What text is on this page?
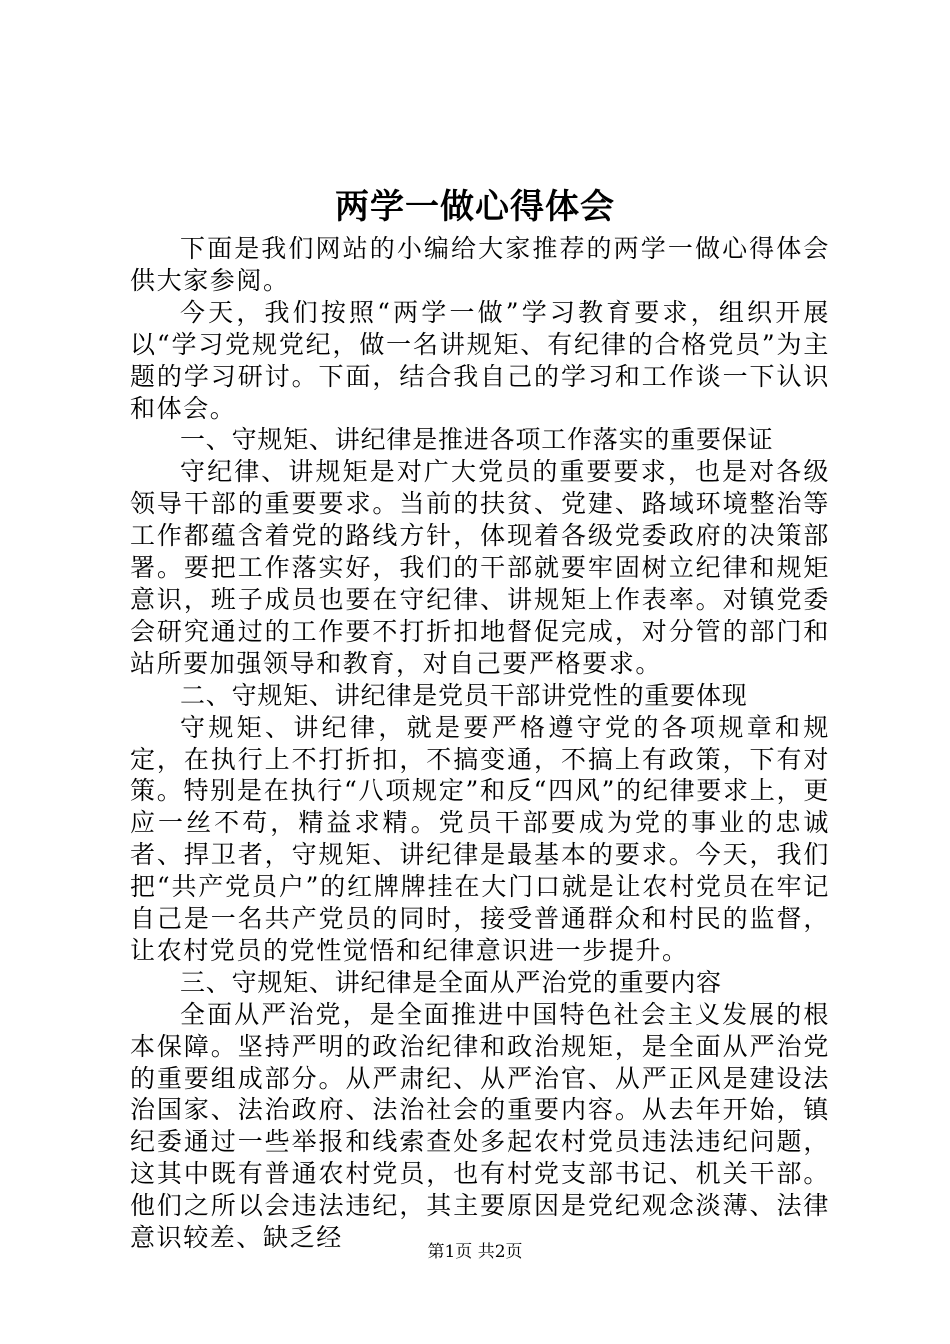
两学一做心得体会

下面是我们网站的小编给大家推荐的两学一做心得体会供大家参阅。

今天，我们按照“两学一做”学习教育要求，组织开展以“学习党规党纪，做一名讲规矩、有纪律的合格党员”为主题的学习研讨。下面，结合我自己的学习和工作谈一下认识和体会。

一、守规矩、讲纪律是推进各项工作落实的重要保证

守纪律、讲规矩是对广大党员的重要要求，也是对各级领导干部的重要要求。当前的扶贫、党建、路域环境整治等工作都蕴含着党的路线方针，体现着各级党委政府的决策部署。要把工作落实好，我们的干部就要牢固树立纪律和规矩意识，班子成员也要在守纪律、讲规矩上作表率。对镇党委会研究通过的工作要不打折扣地督促完成，对分管的部门和站所要加强领导和教育，对自己要严格要求。

二、守规矩、讲纪律是党员干部讲党性的重要体现

守规矩、讲纪律，就是要严格遵守党的各项规章和规定，在执行上不打折扣，不搞变通，不搞上有政策，下有对策。特别是在执行“八项规定”和反“四风”的纪律要求上，更应一丝不苟，精益求精。党员干部要成为党的事业的忠诚者、捍卫者，守规矩、讲纪律是最基本的要求。今天，我们把“共产党员户”的红牌牌挂在大门口就是让农村党员在牢记自己是一名共产党员的同时，接受普通群众和村民的监督，让农村党员的党性觉悟和纪律意识进一步提升。

三、守规矩、讲纪律是全面从严治党的重要内容

全面从严治党，是全面推进中国特色社会主义发展的根本保障。坚持严明的政治纪律和政治规矩，是全面从严治党的重要组成部分。从严肃纪、从严治官、从严正风是建设法治国家、法治政府、法治社会的重要内容。从去年开始，镇纪委通过一些举报和线索查处多起农村党员违法违纪问题，这其中既有普通农村党员，也有村党支部书记、机关干部。他们之所以会违法违纪，其主要原因是党纪观念淡薄、法律意识较差、缺乏经	第1页 共2页
